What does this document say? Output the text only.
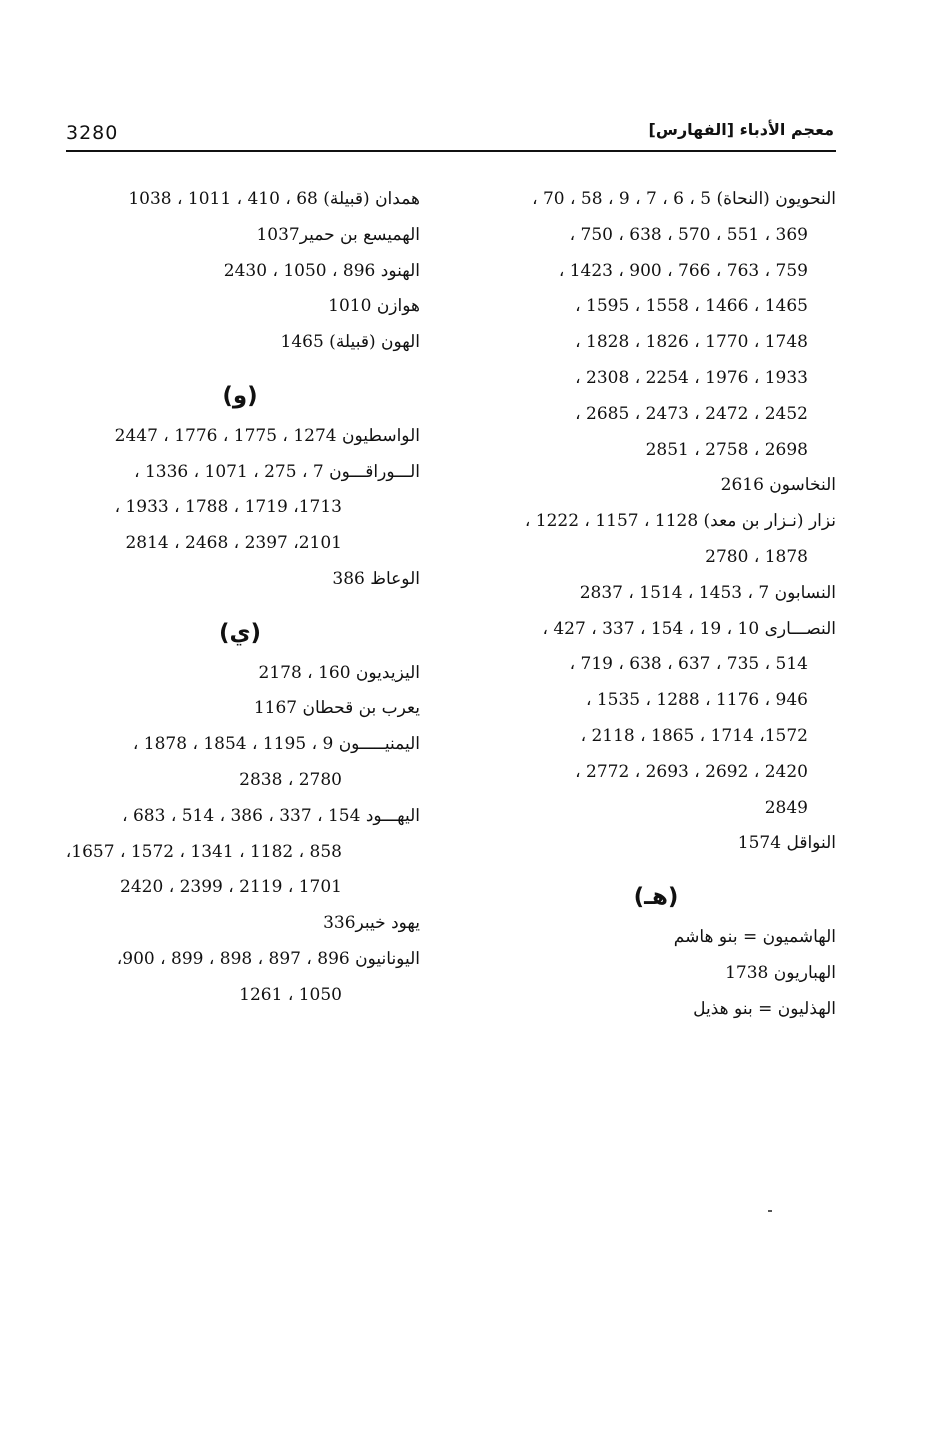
3280	معجم الأدباء [الفهارس]
النحويون (النحاة) 5 ، 6 ، 7 ، 9 ، 58 ، 70 ،
369 ، 551 ، 570 ، 638 ، 750 ،
759 ، 763 ، 766 ، 900 ، 1423 ،
1465 ، 1466 ، 1558 ، 1595 ،
1748 ، 1770 ، 1826 ، 1828 ،
1933 ، 1976 ، 2254 ، 2308 ،
2452 ، 2472 ، 2473 ، 2685 ،
2698 ، 2758 ، 2851
النخاسون 2616
نزار (نـزار بن معد) 1128 ، 1157 ، 1222 ،
1878 ، 2780
النسابون 7 ، 1453 ، 1514 ، 2837
النصـــارى 10 ، 19 ، 154 ، 337 ، 427 ،
514 ، 735 ، 637 ، 638 ، 719 ،
946 ، 1176 ، 1288 ، 1535 ،
1572، 1714 ، 1865 ، 2118 ،
2420 ، 2692 ، 2693 ، 2772 ،
2849
النواقل 1574
(هـ)
الهاشميون = بنو هاشم
الهباريون 1738
الهذليون = بنو هذيل
همدان (قبيلة) 68 ، 410 ، 1011 ، 1038
الهميسع بن حمير1037
الهنود 896 ، 1050 ، 2430
هوازن 1010
الهون (قبيلة) 1465
(و)
الواسطيون 1274 ، 1775 ، 1776 ، 2447
الـــوراقـــون 7 ، 275 ، 1071 ، 1336 ،
1713، 1719 ، 1788 ، 1933 ،
2101، 2397 ، 2468 ، 2814
الوعاظ 386
(ي)
اليزيديون 160 ، 2178
يعرب بن قحطان 1167
اليمنيـــــون 9 ، 1195 ، 1854 ، 1878 ،
2780 ، 2838
اليهـــود 154 ، 337 ، 386 ، 514 ، 683 ،
858 ، 1182 ، 1341 ، 1572 ، 1657،
1701 ، 2119 ، 2399 ، 2420
يهود خيبر336
اليونانيون 896 ، 897 ، 898 ، 899 ، 900،
1050 ، 1261
